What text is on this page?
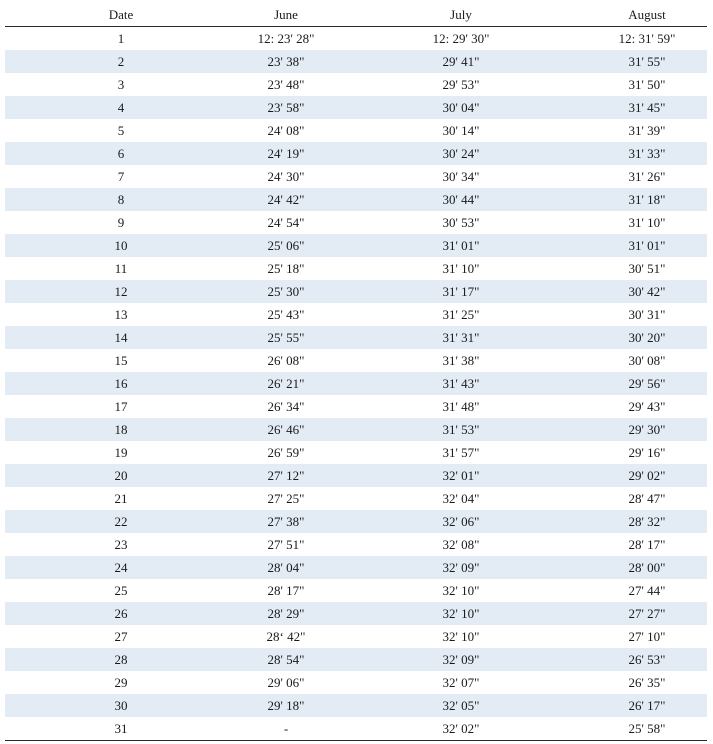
Date	June	July	August
1	12: 23' 28"	12: 29' 30"	12: 31' 59"
2	23' 38"	29' 41"	31' 55"
3	23' 48"	29' 53"	31' 50"
4	23' 58"	30' 04"	31' 45"
5	24' 08"	30' 14"	31' 39"
6	24' 19"	30' 24"	31' 33"
7	24' 30"	30' 34"	31' 26"
8	24' 42"	30' 44"	31' 18"
9	24' 54"	30' 53"	31' 10"
10	25' 06"	31' 01"	31' 01"
11	25' 18"	31' 10"	30' 51"
12	25' 30"	31' 17"	30' 42"
13	25' 43"	31' 25"	30' 31"
14	25' 55"	31' 31"	30' 20"
15	26' 08"	31' 38"	30' 08"
16	26' 21"	31' 43"	29' 56"
17	26' 34"	31' 48"	29' 43"
18	26' 46"	31' 53"	29' 30"
19	26' 59"	31' 57"	29' 16"
20	27' 12"	32' 01"	29' 02"
21	27' 25"	32' 04"	28' 47"
22	27' 38"	32' 06"	28' 32"
23	27' 51"	32' 08"	28' 17"
24	28' 04"	32' 09"	28' 00"
25	28' 17"	32' 10"	27' 44"
26	28' 29"	32' 10"	27' 27"
27	28‘ 42"	32' 10"	27' 10"
28	28' 54"	32' 09"	26' 53"
29	29' 06"	32' 07"	26' 35"
30	29' 18"	32' 05"	26' 17"
31	-	32' 02"	25' 58"
